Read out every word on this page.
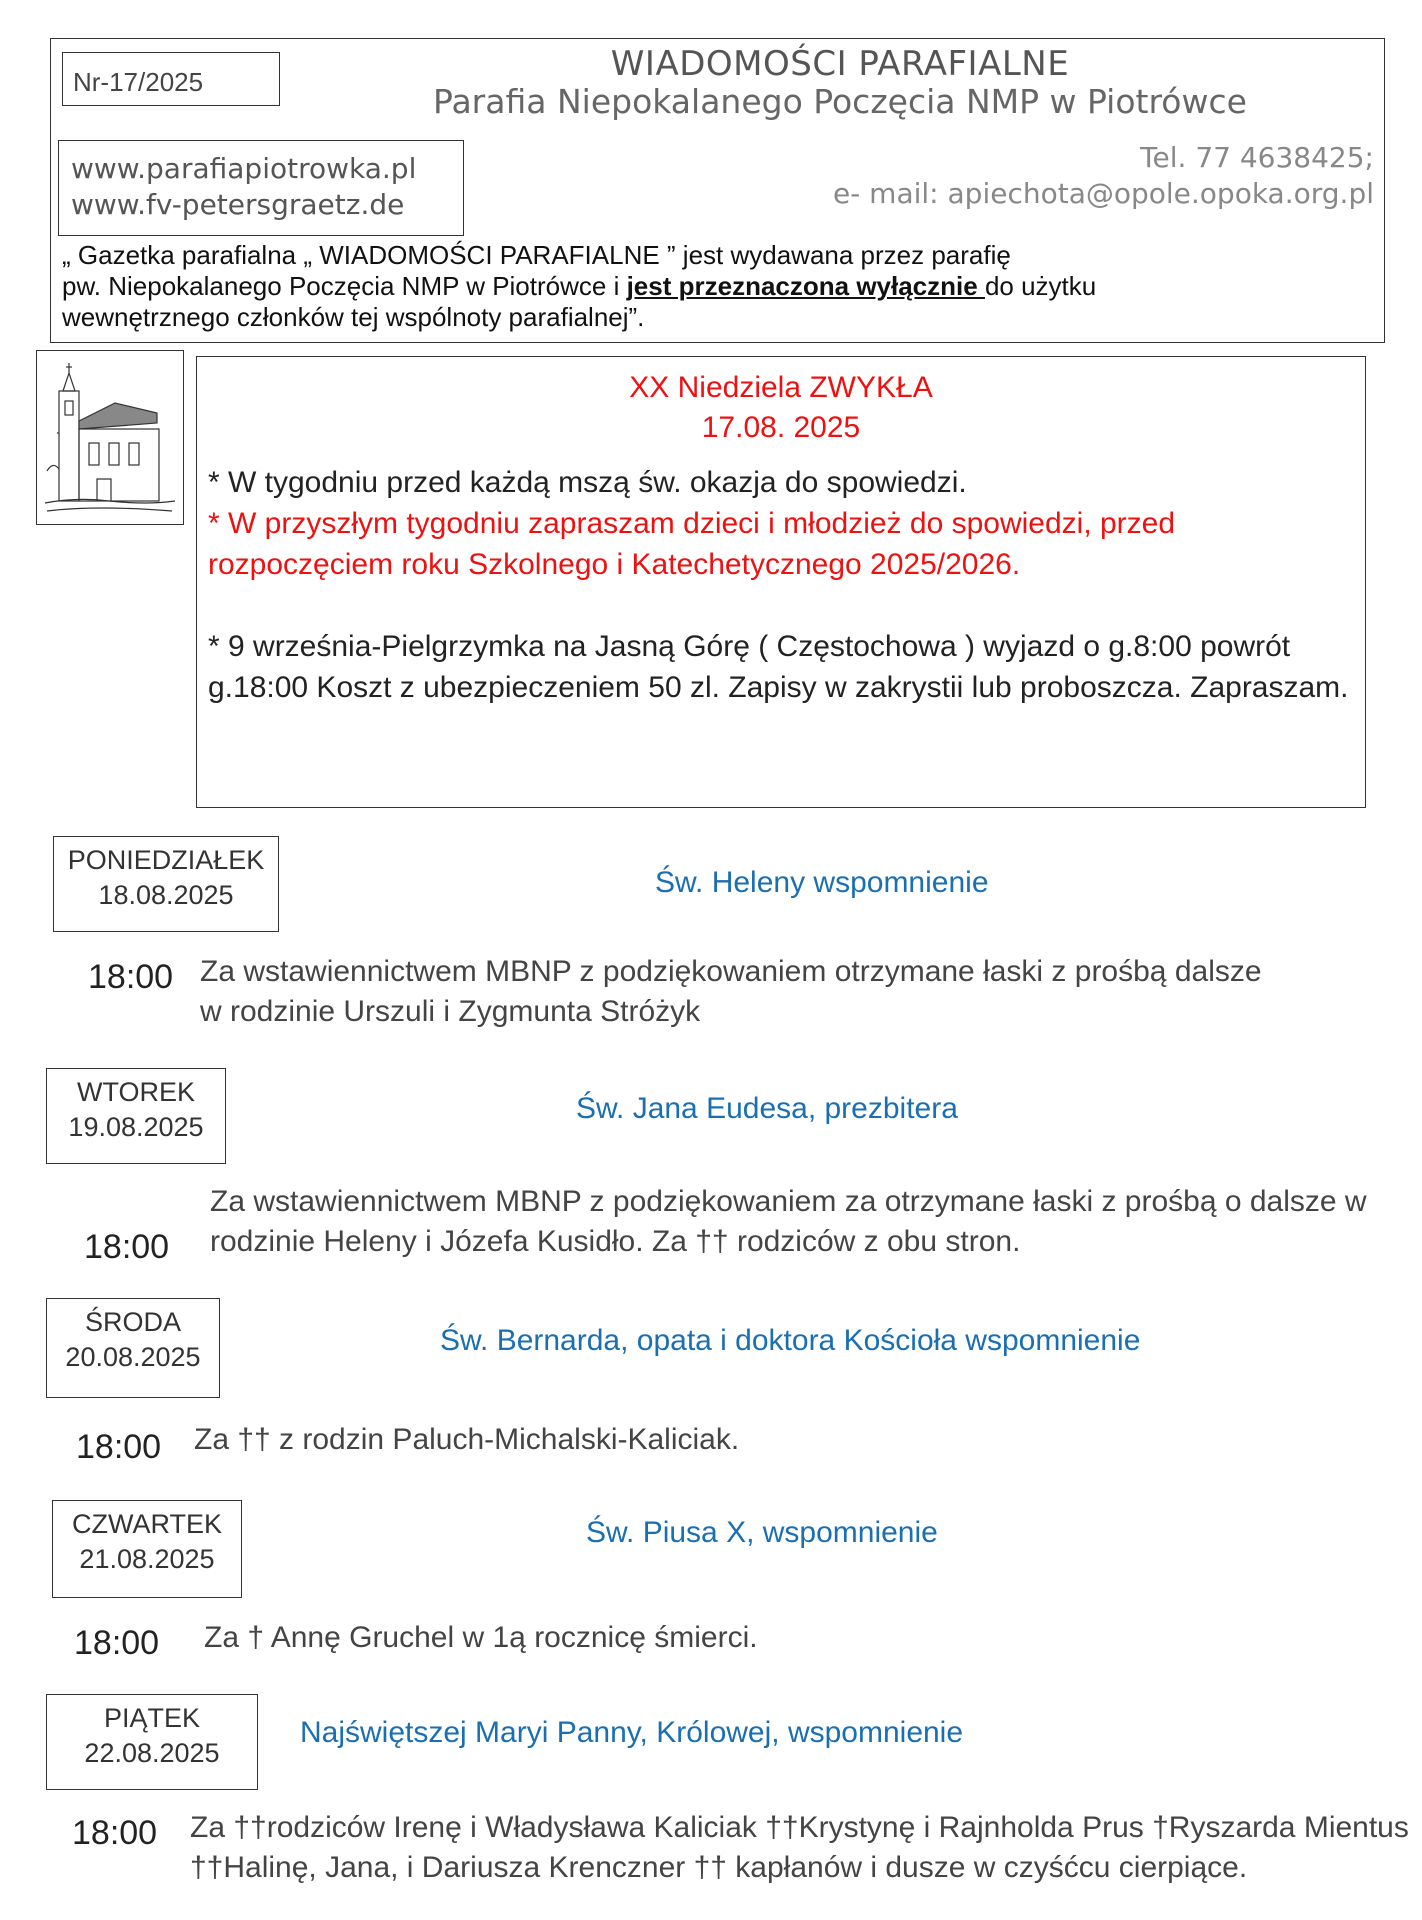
Nr-17/2025	WIADOMOŚCI PARAFIALNE
Parafia Niepokalanego Poczęcia NMP w Piotrówce
www.parafiapiotrowka.pl
www.fv-petersgraetz.de
Tel. 77 4638425;
e- mail: apiechota@opole.opoka.org.pl
„ Gazetka parafialna „ WIADOMOŚCI PARAFIALNE ” jest wydawana przez parafię
pw. Niepokalanego Poczęcia NMP w Piotrówce i jest przeznaczona wyłącznie do użytku
wewnętrznego członków tej wspólnoty parafialnej”.
XX Niedziela ZWYKŁA
17.08. 2025
* W tygodniu przed każdą mszą św. okazja do spowiedzi.
* W przyszłym tygodniu zapraszam dzieci i młodzież do spowiedzi, przed rozpoczęciem roku Szkolnego i Katechetycznego 2025/2026.
* 9 września-Pielgrzymka na Jasną Górę ( Częstochowa ) wyjazd o g.8:00 powrót g.18:00 Koszt z ubezpieczeniem 50 zl. Zapisy w zakrystii lub proboszcza. Zapraszam.
PONIEDZIAŁEK
18.08.2025	Św. Heleny wspomnienie
18:00 Za wstawiennictwem MBNP z podziękowaniem otrzymane łaski z prośbą dalsze
w rodzinie Urszuli i Zygmunta Stróżyk
WTOREK
19.08.2025
Św. Jana Eudesa, prezbitera
18:00
Za wstawiennictwem MBNP z podziękowaniem za otrzymane łaski z prośbą o dalsze w
rodzinie Heleny i Józefa Kusidło. Za †† rodziców z obu stron.
ŚRODA
20.08.2025	Św. Bernarda, opata i doktora Kościoła wspomnienie
18:00 Za †† z rodzin Paluch-Michalski-Kaliciak.
CZWARTEK
21.08.2025
Św. Piusa X, wspomnienie
18:00 Za † Annę Gruchel w 1ą rocznicę śmierci.
PIĄTEK
22.08.2025
Najświętszej Maryi Panny, Królowej, wspomnienie
18:00 Za ††rodziców Irenę i Władysława Kaliciak ††Krystynę i Rajnholda Prus †Ryszarda Mientus
††Halinę, Jana, i Dariusza Krenczner †† kapłanów i dusze w czyśćcu cierpiące.
